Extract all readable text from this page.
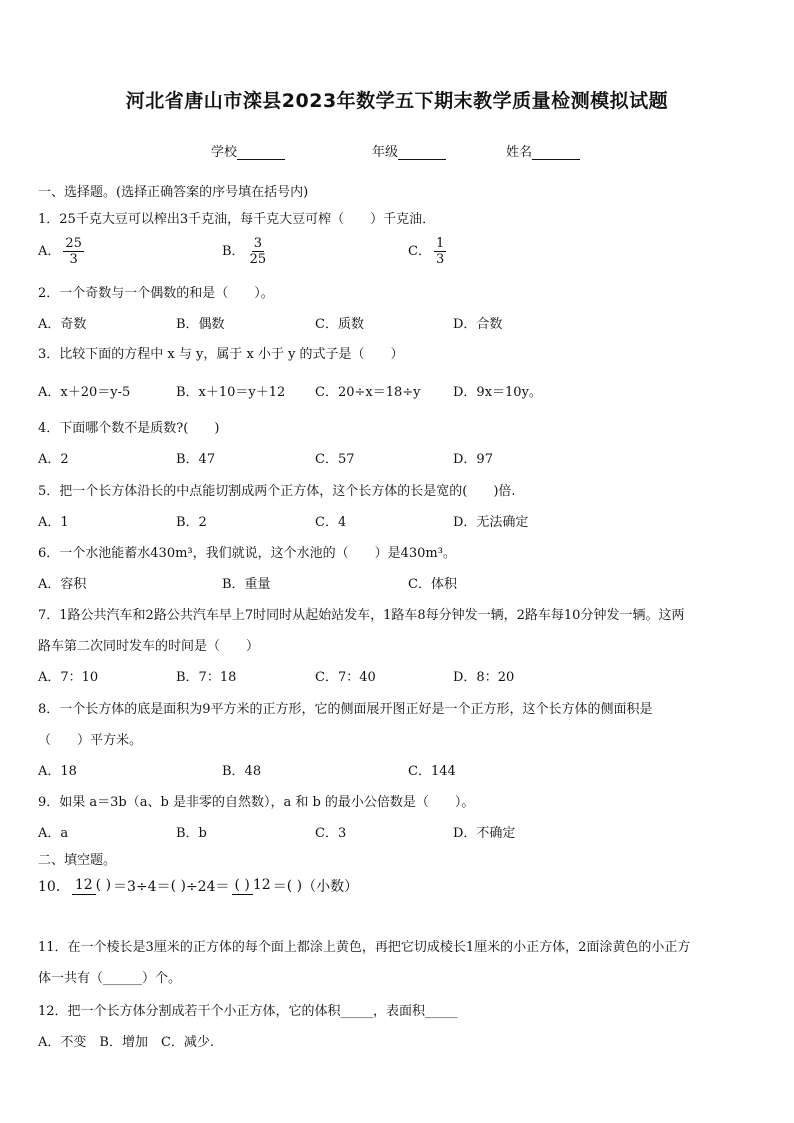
河北省唐山市滦县2023年数学五下期末教学质量检测模拟试题
学校	年级	姓名
一、选择题。(选择正确答案的序号填在括号内)
1．25千克大豆可以榨出3千克油，每千克大豆可榨（　　）千克油．
A． $\frac{25}{3}$	B． $\frac{3}{25}$	C． $\frac{1}{3}$
2．一个奇数与一个偶数的和是（　　）。
A．奇数	B．偶数	C．质数	D．合数
3．比较下面的方程中 x 与 y，属于 x 小于 y 的式子是（　　）
A．x＋20＝y-5	B．x＋10＝y＋12 C．20÷x＝18÷y	D．9x＝10y。
4．下面哪个数不是质数?(　　)
A．2	B．47	C．57	D．97
5．把一个长方体沿长的中点能切割成两个正方体，这个长方体的长是宽的(　　)倍.
A．1	B．2	C．4	D．无法确定
6．一个水池能蓄水430m³，我们就说，这个水池的（　　）是430m³。
A．容积	B．重量	C．体积
7．1路公共汽车和2路公共汽车早上7时同时从起始站发车，1路车8每分钟发一辆，2路车每10分钟发一辆。这两
路车第二次同时发车的时间是（　　）
A．7：10	B．7：18	C．7：40	D．8：20
8．一个长方体的底是面积为9平方米的正方形，它的侧面展开图正好是一个正方形，这个长方体的侧面积是
（　　）平方米。
A．18	B．48	C．144
9．如果 a＝3b（a、b 是非零的自然数），a 和 b 的最小公倍数是（　　）。
A．a	B．b	C．3	D．不确定
二、填空题。
10． 12 ( ) ＝3÷4＝ ( ) ÷24＝ ( ) 12 ＝ ( ) （小数）
11．在一个棱长是3厘米的正方体的每个面上都涂上黄色，再把它切成棱长1厘米的小正方体，2面涂黄色的小正方
体一共有（______）个。
12．把一个长方体分割成若干个小正方体，它的体积_____，表面积_____
A．不变　B．增加　C．减少.
